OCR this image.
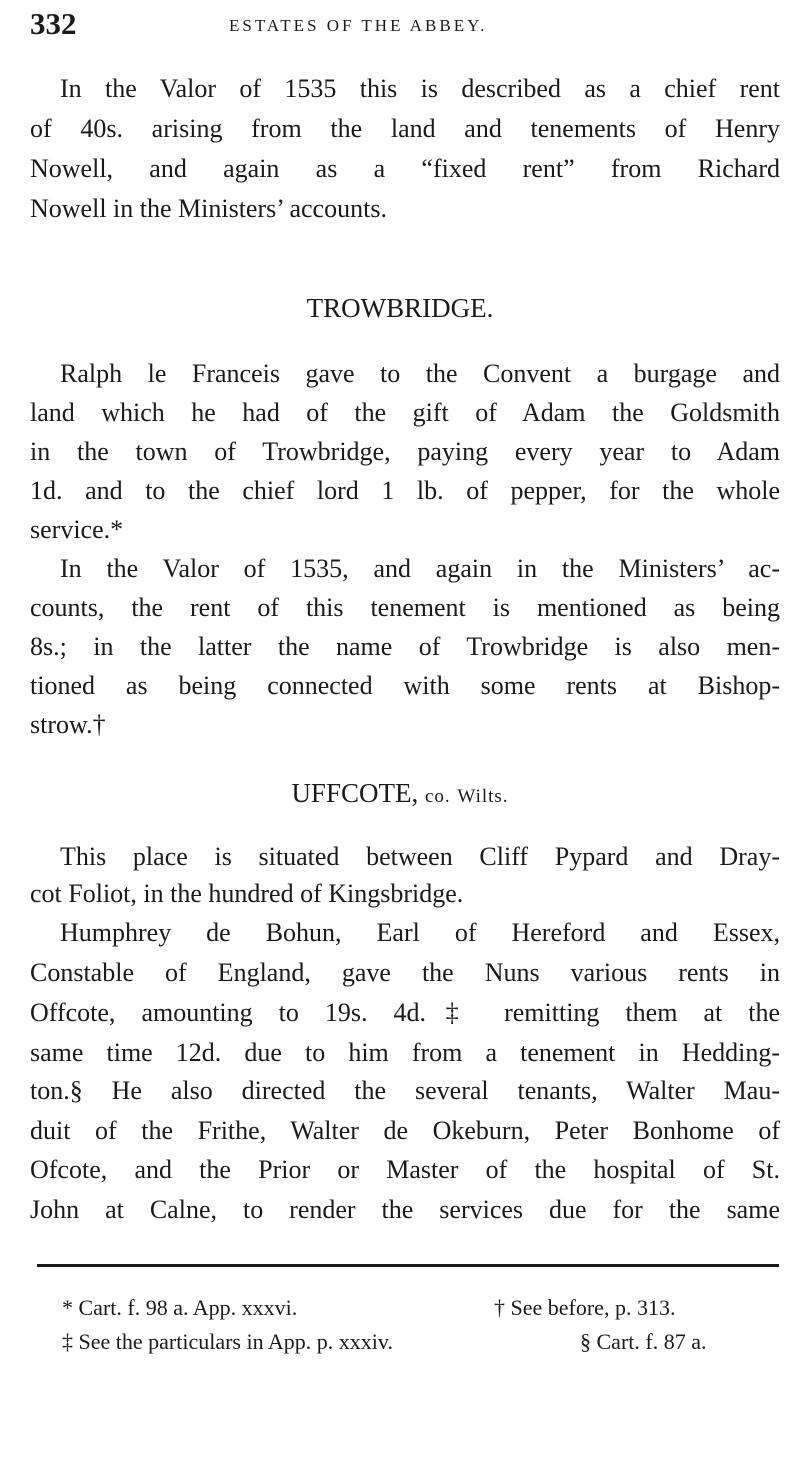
332	ESTATES OF THE ABBEY.
In the Valor of 1535 this is described as a chief rent
of 40s. arising from the land and tenements of Henry
Nowell, and again as a “fixed rent” from Richard
Nowell in the Ministers’ accounts.
TROWBRIDGE.
Ralph le Franceis gave to the Convent a burgage and
land which he had of the gift of Adam the Goldsmith
in the town of Trowbridge, paying every year to Adam
1d. and to the chief lord 1 lb. of pepper, for the whole
service.*
In the Valor of 1535, and again in the Ministers’ ac-
counts, the rent of this tenement is mentioned as being
8s.; in the latter the name of Trowbridge is also men-
tioned as being connected with some rents at Bishop-
strow.†
UFFCOTE, co. Wilts.
This place is situated between Cliff Pypard and Dray-
cot Foliot, in the hundred of Kingsbridge.
Humphrey de Bohun, Earl of Hereford and Essex,
Constable of England, gave the Nuns various rents in
Offcote, amounting to 19s. 4d.‡ remitting them at the
same time 12d. due to him from a tenement in Hedding-
ton.§ He also directed the several tenants, Walter Mau-
duit of the Frithe, Walter de Okeburn, Peter Bonhome of
Ofcote, and the Prior or Master of the hospital of St.
John at Calne, to render the services due for the same
* Cart. f. 98 a. App. xxxvi.	† See before, p. 313.
‡ See the particulars in App. p. xxxiv.	§ Cart. f. 87 a.
